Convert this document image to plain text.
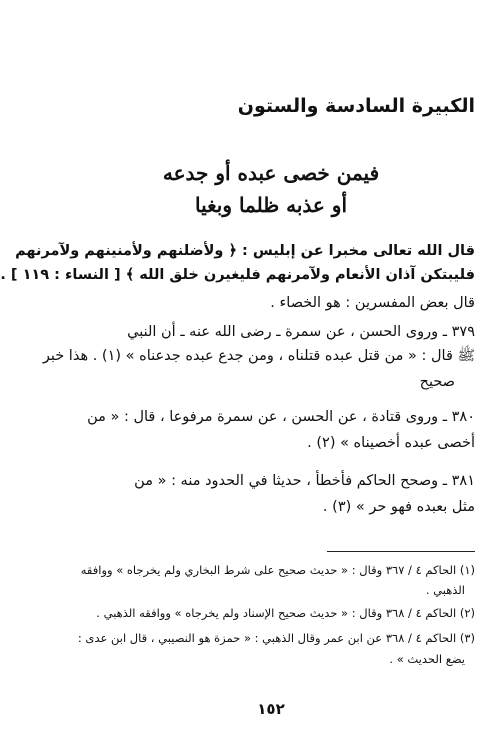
الكبيرة السادسة والستون
فيمن خصى عبده أو جدعه
أو عذبه ظلما وبغيا
قال الله تعالى مخبرا عن إبليس : ﴿ ولأضلنهم ولأمنينهم ولآمرنهم
فليبتكن آذان الأنعام ولآمرنهم فليغيرن خلق الله ﴾ [ النساء : ١١٩ ] .
قال بعض المفسرين : هو الخصاء .
٣٧٩ ـ وروى الحسن ، عن سمرة ـ رضى الله عنه ـ أن النبي
ﷺ قال : « من قتل عبده قتلناه ، ومن جدع عبده جدعناه » (١) . هذا خبر
صحيح
٣٨٠ ـ وروى قتادة ، عن الحسن ، عن سمرة مرفوعا ، قال : « من
أخصى عبده أخصيناه » (٢) .
٣٨١ ـ وصحح الحاكم فأخطأ ، حديثا في الحدود منه : « من
مثل بعبده فهو حر » (٣) .
(١) الحاكم ٤ / ٣٦٧ وقال : « حديث صحيح على شرط البخاري ولم يخرجاه » ووافقه
الذهبي .
(٢) الحاكم ٤ / ٣٦٨ وقال : « حديث صحيح الإسناد ولم يخرجاه » ووافقه الذهبي .
(٣) الحاكم ٤ / ٣٦٨ عن ابن عمر وقال الذهبي : « حمزة هو النصيبي ، قال ابن عدى :
يضع الحديث » .
١٥٢
